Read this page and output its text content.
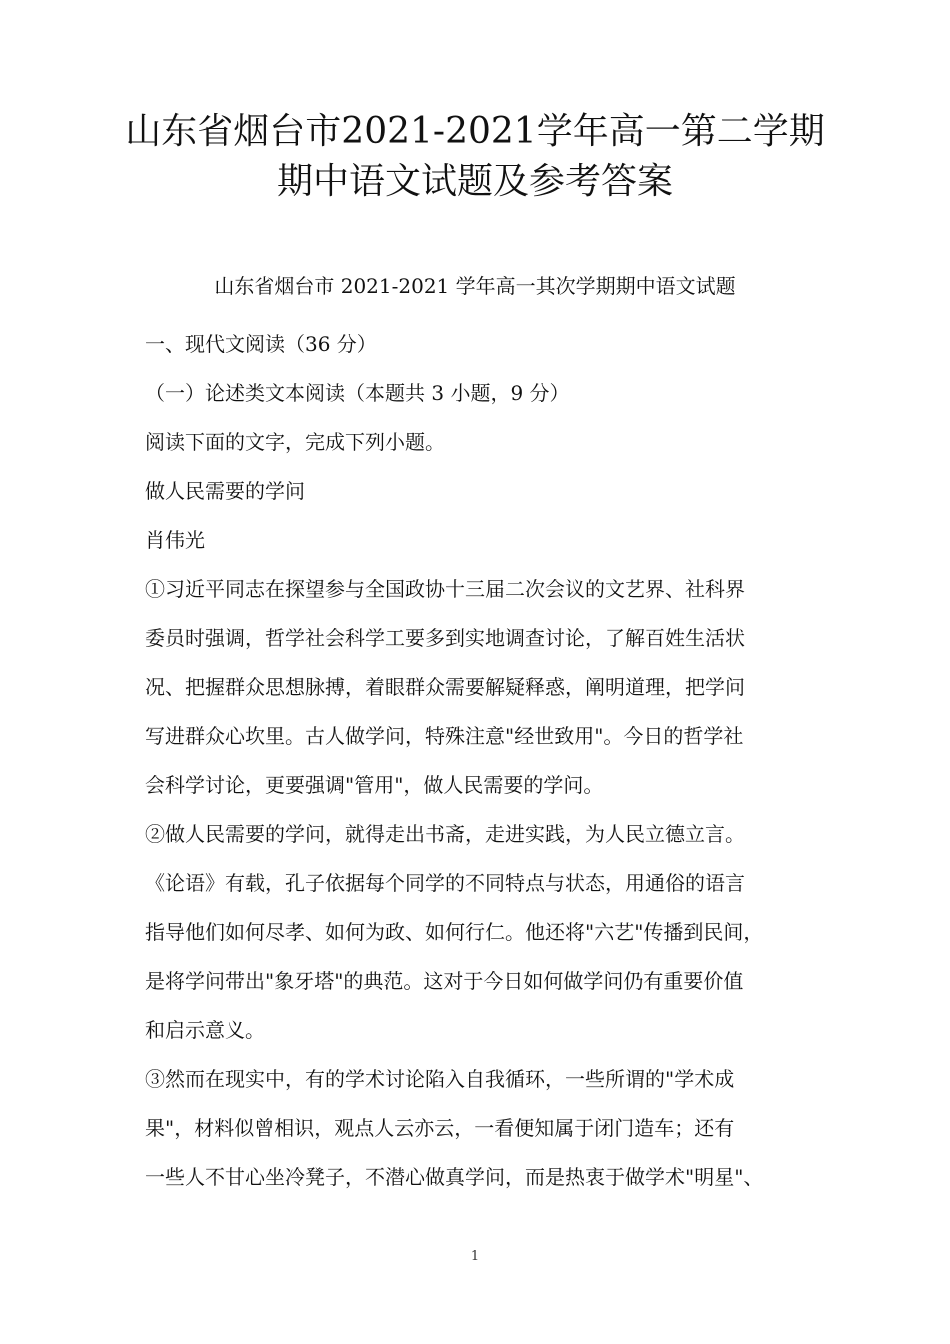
山东省烟台市2021-2021学年高一第二学期
期中语文试题及参考答案

山东省烟台市 2021-2021 学年高一其次学期期中语文试题

一、现代文阅读（36 分）

（一）论述类文本阅读（本题共 3 小题，9 分）

阅读下面的文字，完成下列小题。

做人民需要的学问

肖伟光

①习近平同志在探望参与全国政协十三届二次会议的文艺界、社科界

委员时强调，哲学社会科学工要多到实地调查讨论，了解百姓生活状

况、把握群众思想脉搏，着眼群众需要解疑释惑，阐明道理，把学问

写进群众心坎里。古人做学问，特殊注意"经世致用"。今日的哲学社

会科学讨论，更要强调"管用"，做人民需要的学问。

②做人民需要的学问，就得走出书斋，走进实践，为人民立德立言。

《论语》有载，孔子依据每个同学的不同特点与状态，用通俗的语言

指导他们如何尽孝、如何为政、如何行仁。他还将"六艺"传播到民间，

是将学问带出"象牙塔"的典范。这对于今日如何做学问仍有重要价值

和启示意义。

③然而在现实中，有的学术讨论陷入自我循环，一些所谓的"学术成

果"，材料似曾相识，观点人云亦云，一看便知属于闭门造车；还有

一些人不甘心坐冷凳子，不潜心做真学问，而是热衷于做学术"明星"、

1
